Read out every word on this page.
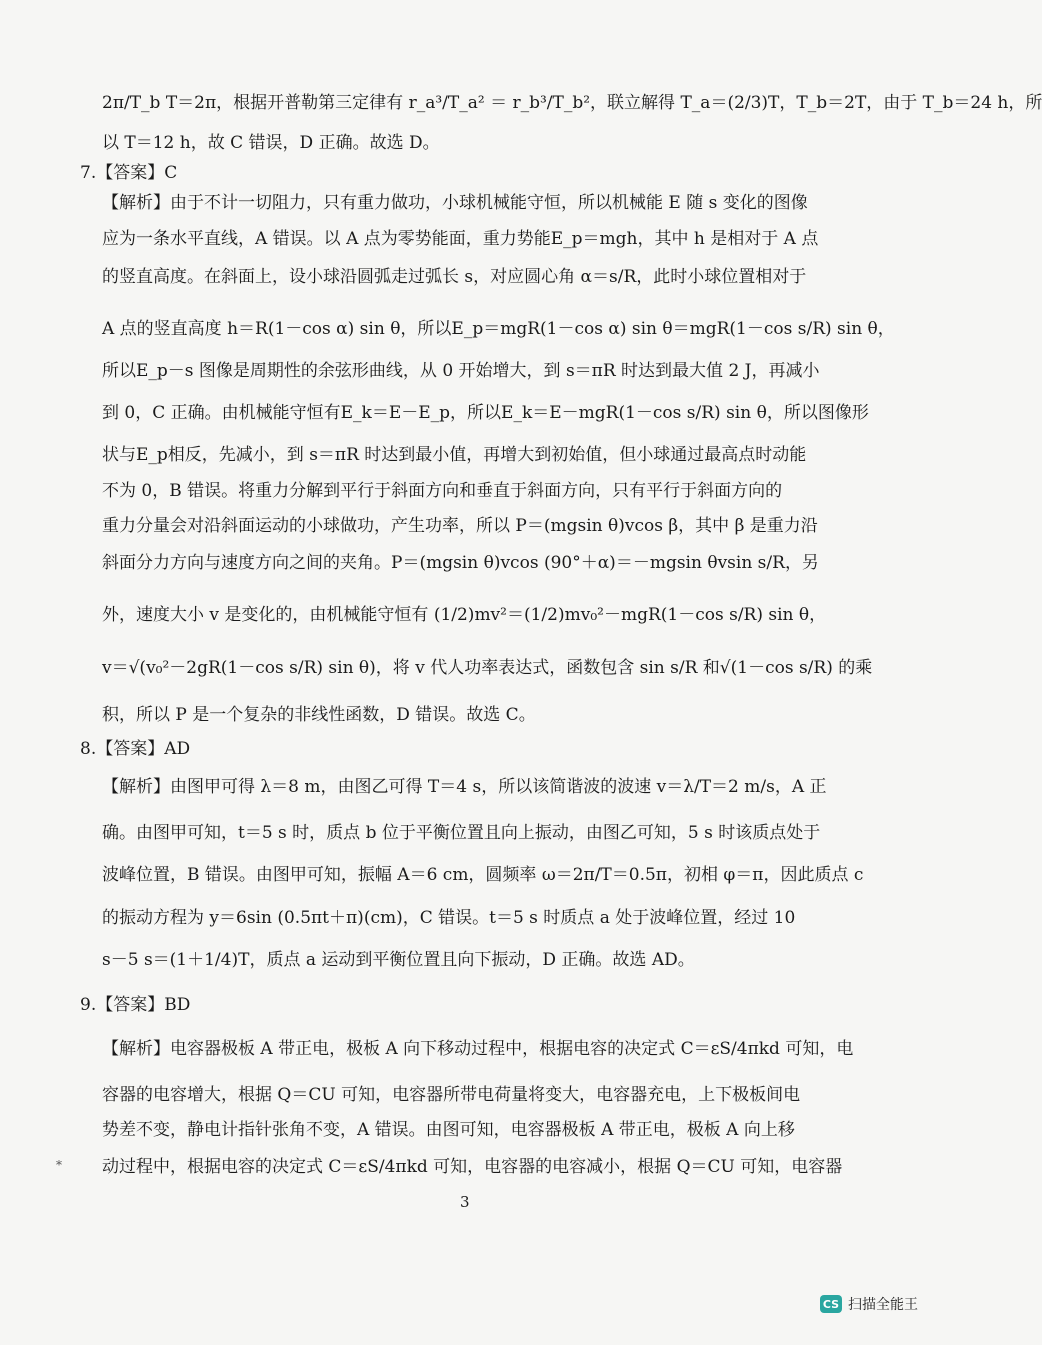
2π/T_b T＝2π，根据开普勒第三定律有 r_a³/T_a² ＝ r_b³/T_b²，联立解得 T_a＝(2/3)T，T_b＝2T，由于 T_b＝24 h，所
以 T＝12 h，故 C 错误，D 正确。故选 D。
7.【答案】C
【解析】由于不计一切阻力，只有重力做功，小球机械能守恒，所以机械能 E 随 s 变化的图像
应为一条水平直线，A 错误。以 A 点为零势能面，重力势能E_p＝mgh，其中 h 是相对于 A 点
的竖直高度。在斜面上，设小球沿圆弧走过弧长 s，对应圆心角 α＝s/R，此时小球位置相对于
A 点的竖直高度 h＝R(1－cos α) sin θ，所以E_p＝mgR(1－cos α) sin θ＝mgR(1－cos s/R) sin θ，
所以E_p－s 图像是周期性的余弦形曲线，从 0 开始增大，到 s＝πR 时达到最大值 2 J，再减小
到 0，C 正确。由机械能守恒有E_k＝E－E_p，所以E_k＝E－mgR(1－cos s/R) sin θ，所以图像形
状与E_p相反，先减小，到 s＝πR 时达到最小值，再增大到初始值，但小球通过最高点时动能
不为 0，B 错误。将重力分解到平行于斜面方向和垂直于斜面方向，只有平行于斜面方向的
重力分量会对沿斜面运动的小球做功，产生功率，所以 P＝(mgsin θ)vcos β，其中 β 是重力沿
斜面分力方向与速度方向之间的夹角。P＝(mgsin θ)vcos (90°＋α)＝－mgsin θvsin s/R，另
外，速度大小 v 是变化的，由机械能守恒有 (1/2)mv²＝(1/2)mv₀²－mgR(1－cos s/R) sin θ，
v＝√(v₀²－2gR(1－cos s/R) sin θ)，将 v 代人功率表达式，函数包含 sin s/R 和√(1－cos s/R) 的乘
积，所以 P 是一个复杂的非线性函数，D 错误。故选 C。
8.【答案】AD
【解析】由图甲可得 λ＝8 m，由图乙可得 T＝4 s，所以该简谐波的波速 v＝λ/T＝2 m/s，A 正
确。由图甲可知，t＝5 s 时，质点 b 位于平衡位置且向上振动，由图乙可知，5 s 时该质点处于
波峰位置，B 错误。由图甲可知，振幅 A＝6 cm，圆频率 ω＝2π/T＝0.5π，初相 φ＝π，因此质点 c
的振动方程为 y＝6sin (0.5πt＋π)(cm)，C 错误。t＝5 s 时质点 a 处于波峰位置，经过 10
s－5 s＝(1＋1/4)T，质点 a 运动到平衡位置且向下振动，D 正确。故选 AD。
9.【答案】BD
【解析】电容器极板 A 带正电，极板 A 向下移动过程中，根据电容的决定式 C＝εS/4πkd 可知，电
容器的电容增大，根据 Q＝CU 可知，电容器所带电荷量将变大，电容器充电，上下极板间电
势差不变，静电计指针张角不变，A 错误。由图可知，电容器极板 A 带正电，极板 A 向上移
动过程中，根据电容的决定式 C＝εS/4πkd 可知，电容器的电容减小，根据 Q＝CU 可知，电容器
*
3
CS 扫描全能王
